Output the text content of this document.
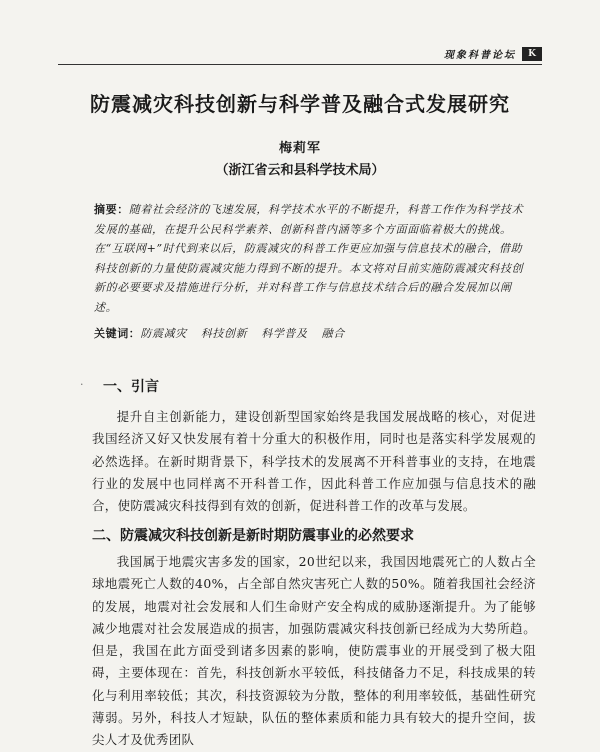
现象科普论坛	K
防震减灾科技创新与科学普及融合式发展研究
梅莉军
（浙江省云和县科学技术局）
摘要：随着社会经济的飞速发展，科学技术水平的不断提升，科普工作作为科学技术发展的基础，在提升公民科学素养、创新科普内涵等多个方面面临着极大的挑战。在“互联网+”时代到来以后，防震减灾的科普工作更应加强与信息技术的融合，借助科技创新的力量使防震减灾能力得到不断的提升。本文将对目前实施防震减灾科技创新的必要要求及措施进行分析，并对科普工作与信息技术结合后的融合发展加以阐述。
关键词：防震减灾 科技创新 科学普及 融合
· 一、引言
提升自主创新能力，建设创新型国家始终是我国发展战略的核心，对促进我国经济又好又快发展有着十分重大的积极作用，同时也是落实科学发展观的必然选择。在新时期背景下，科学技术的发展离不开科普事业的支持，在地震行业的发展中也同样离不开科普工作，因此科普工作应加强与信息技术的融合，使防震减灾科技得到有效的创新，促进科普工作的改革与发展。
二、防震减灾科技创新是新时期防震事业的必然要求
我国属于地震灾害多发的国家，20世纪以来，我国因地震死亡的人数占全球地震死亡人数的40%，占全部自然灾害死亡人数的50%。随着我国社会经济的发展，地震对社会发展和人们生命财产安全构成的威胁逐渐提升。为了能够减少地震对社会发展造成的损害，加强防震减灾科技创新已经成为大势所趋。但是，我国在此方面受到诸多因素的影响，使防震事业的开展受到了极大阻碍，主要体现在：首先，科技创新水平较低，科技储备力不足，科技成果的转化与利用率较低；其次，科技资源较为分散，整体的利用率较低，基础性研究薄弱。另外，科技人才短缺，队伍的整体素质和能力具有较大的提升空间，拔尖人才及优秀团队
